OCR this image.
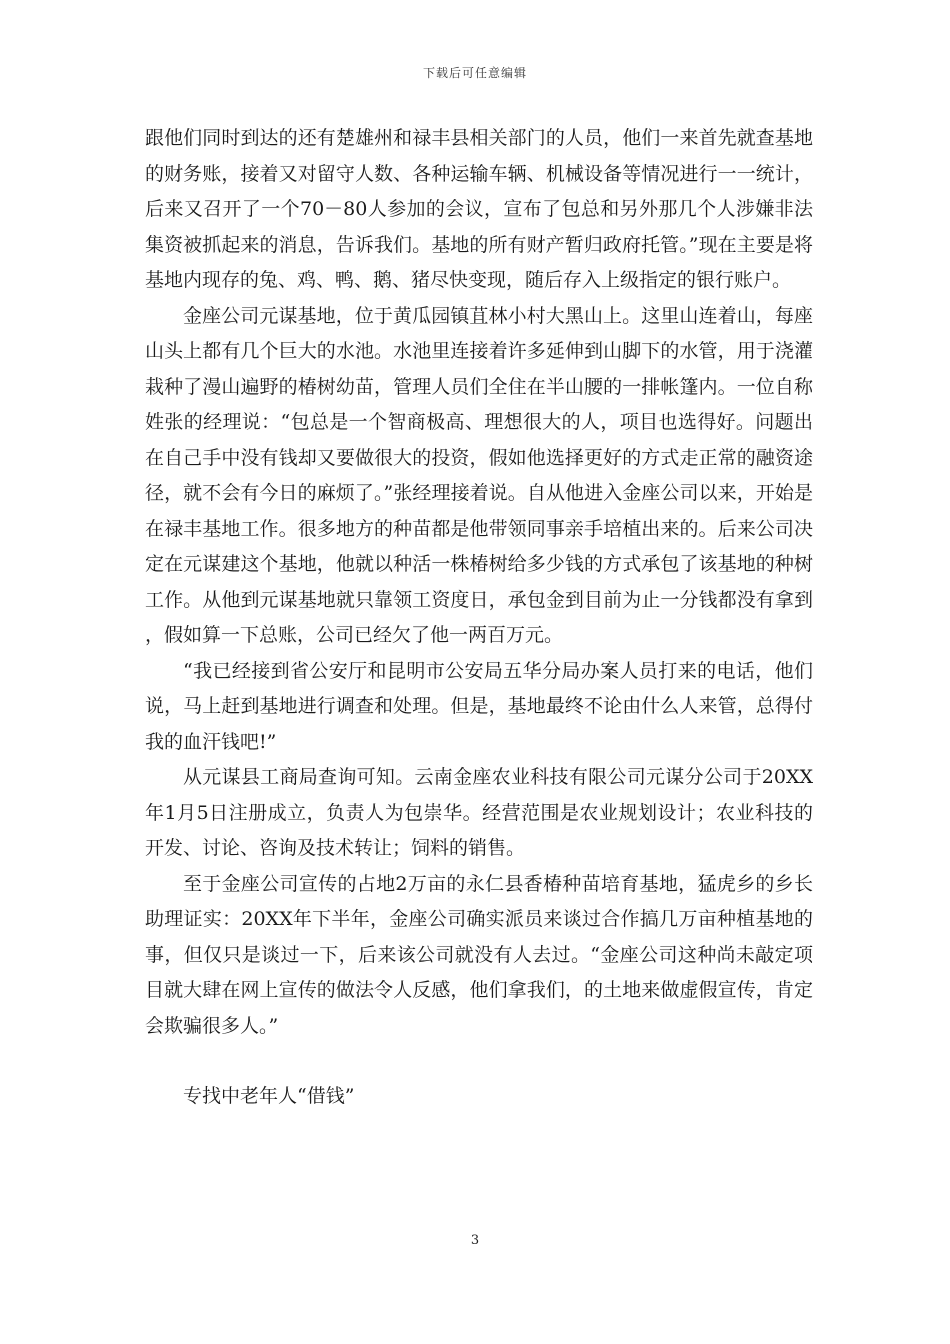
下载后可任意编辑

跟他们同时到达的还有楚雄州和禄丰县相关部门的人员，他们一来首先就查基地的财务账，接着又对留守人数、各种运输车辆、机械设备等情况进行一一统计，后来又召开了一个70－80人参加的会议，宣布了包总和另外那几个人涉嫌非法集资被抓起来的消息，告诉我们。基地的所有财产暂归政府托管。”现在主要是将基地内现存的兔、鸡、鸭、鹅、猪尽快变现，随后存入上级指定的银行账户。

金座公司元谋基地，位于黄瓜园镇苴林小村大黑山上。这里山连着山，每座山头上都有几个巨大的水池。水池里连接着许多延伸到山脚下的水管，用于浇灌栽种了漫山遍野的椿树幼苗，管理人员们全住在半山腰的一排帐篷内。一位自称姓张的经理说：“包总是一个智商极高、理想很大的人，项目也选得好。问题出在自己手中没有钱却又要做很大的投资，假如他选择更好的方式走正常的融资途径，就不会有今日的麻烦了。”张经理接着说。自从他进入金座公司以来，开始是在禄丰基地工作。很多地方的种苗都是他带领同事亲手培植出来的。后来公司决定在元谋建这个基地，他就以种活一株椿树给多少钱的方式承包了该基地的种树工作。从他到元谋基地就只靠领工资度日，承包金到目前为止一分钱都没有拿到，假如算一下总账，公司已经欠了他一两百万元。

“我已经接到省公安厅和昆明市公安局五华分局办案人员打来的电话，他们说，马上赶到基地进行调查和处理。但是，基地最终不论由什么人来管，总得付我的血汗钱吧!”

从元谋县工商局查询可知。云南金座农业科技有限公司元谋分公司于20XX年1月5日注册成立，负责人为包崇华。经营范围是农业规划设计；农业科技的开发、讨论、咨询及技术转让；饲料的销售。

至于金座公司宣传的占地2万亩的永仁县香椿种苗培育基地，猛虎乡的乡长助理证实：20XX年下半年，金座公司确实派员来谈过合作搞几万亩种植基地的事，但仅只是谈过一下，后来该公司就没有人去过。“金座公司这种尚未敲定项目就大肆在网上宣传的做法令人反感，他们拿我们，的土地来做虚假宣传，肯定会欺骗很多人。”

专找中老年人“借钱”

3
